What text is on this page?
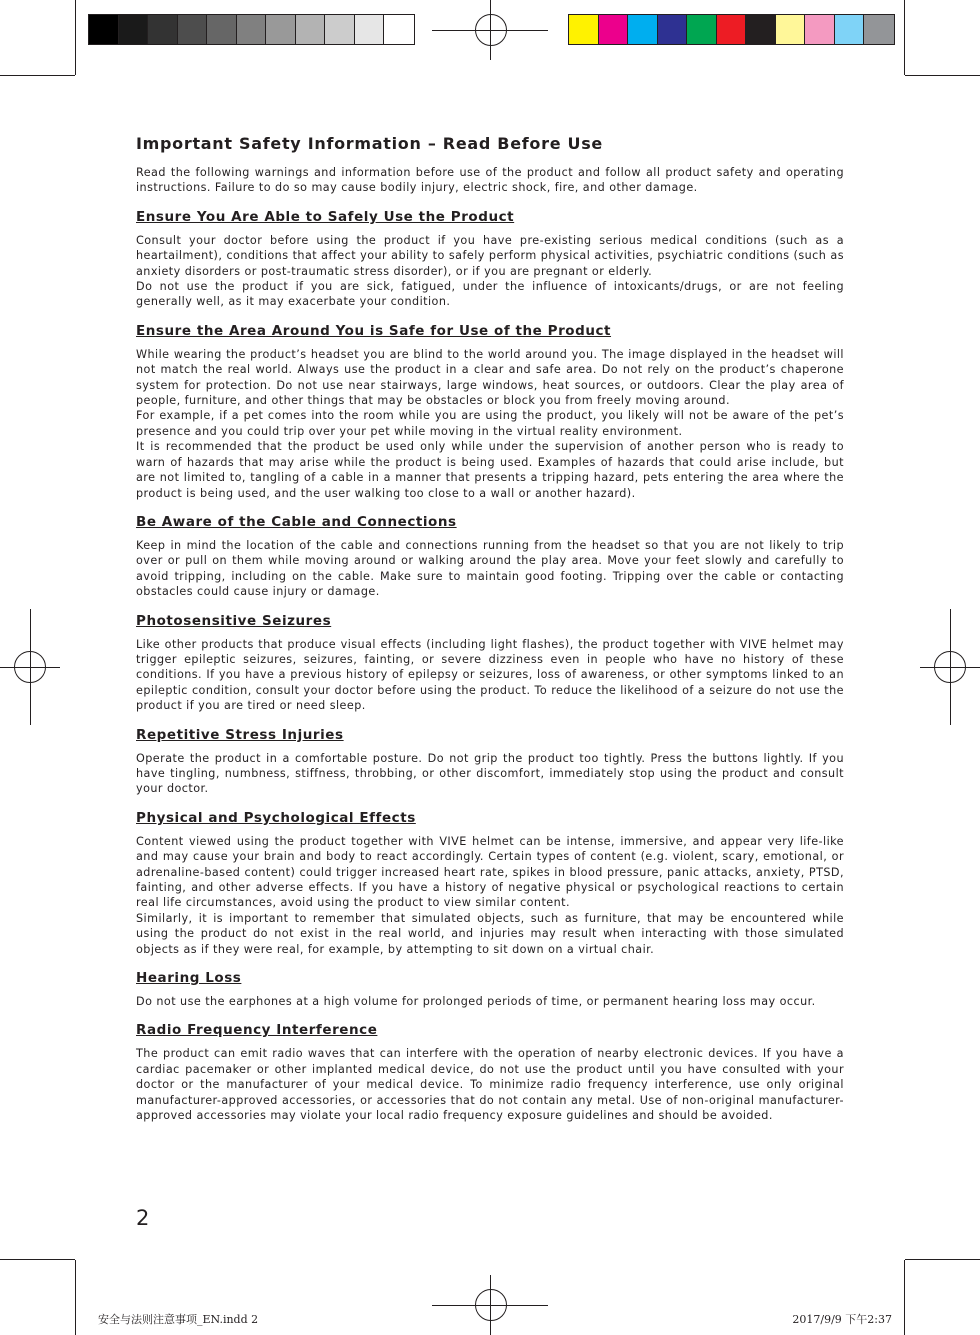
Important Safety Information – Read Before Use

Read the following warnings and information before use of the product and follow all product safety and operating instructions. Failure to do so may cause bodily injury, electric shock, fire, and other damage.

Ensure You Are Able to Safely Use the Product

Consult your doctor before using the product if you have pre-existing serious medical conditions (such as a heartailment), conditions that affect your ability to safely perform physical activities, psychiatric conditions (such as anxiety disorders or post-traumatic stress disorder), or if you are pregnant or elderly.

Do not use the product if you are sick, fatigued, under the influence of intoxicants/drugs, or are not feeling generally well, as it may exacerbate your condition.

Ensure the Area Around You is Safe for Use of the Product

While wearing the product’s headset you are blind to the world around you. The image displayed in the headset will not match the real world. Always use the product in a clear and safe area. Do not rely on the product’s chaperone system for protection. Do not use near stairways, large windows, heat sources, or outdoors. Clear the play area of people, furniture, and other things that may be obstacles or block you from freely moving around.

For example, if a pet comes into the room while you are using the product, you likely will not be aware of the pet’s presence and you could trip over your pet while moving in the virtual reality environment.

It is recommended that the product be used only while under the supervision of another person who is ready to warn of hazards that may arise while the product is being used. Examples of hazards that could arise include, but are not limited to, tangling of a cable in a manner that presents a tripping hazard, pets entering the area where the product is being used, and the user walking too close to a wall or another hazard).

Be Aware of the Cable and Connections

Keep in mind the location of the cable and connections running from the headset so that you are not likely to trip over or pull on them while moving around or walking around the play area. Move your feet slowly and carefully to avoid tripping, including on the cable. Make sure to maintain good footing. Tripping over the cable or contacting obstacles could cause injury or damage.

Photosensitive Seizures

Like other products that produce visual effects (including light flashes), the product together with VIVE helmet may trigger epileptic seizures, seizures, fainting, or severe dizziness even in people who have no history of these conditions. If you have a previous history of epilepsy or seizures, loss of awareness, or other symptoms linked to an epileptic condition, consult your doctor before using the product. To reduce the likelihood of a seizure do not use the product if you are tired or need sleep.

Repetitive Stress Injuries

Operate the product in a comfortable posture. Do not grip the product too tightly. Press the buttons lightly. If you have tingling, numbness, stiffness, throbbing, or other discomfort, immediately stop using the product and consult your doctor.

Physical and Psychological Effects

Content viewed using the product together with VIVE helmet can be intense, immersive, and appear very life-like and may cause your brain and body to react accordingly. Certain types of content (e.g. violent, scary, emotional, or adrenaline-based content) could trigger increased heart rate, spikes in blood pressure, panic attacks, anxiety, PTSD, fainting, and other adverse effects. If you have a history of negative physical or psychological reactions to certain real life circumstances, avoid using the product to view similar content.

Similarly, it is important to remember that simulated objects, such as furniture, that may be encountered while using the product do not exist in the real world, and injuries may result when interacting with those simulated objects as if they were real, for example, by attempting to sit down on a virtual chair.

Hearing Loss

Do not use the earphones at a high volume for prolonged periods of time, or permanent hearing loss may occur.

Radio Frequency Interference

The product can emit radio waves that can interfere with the operation of nearby electronic devices. If you have a cardiac pacemaker or other implanted medical device, do not use the product until you have consulted with your doctor or the manufacturer of your medical device. To minimize radio frequency interference, use only original manufacturer-approved accessories, or accessories that do not contain any metal. Use of non-original manufacturer-approved accessories may violate your local radio frequency exposure guidelines and should be avoided.

2
安全与法则注意事项_EN.indd 2	2017/9/9 下午2:37
